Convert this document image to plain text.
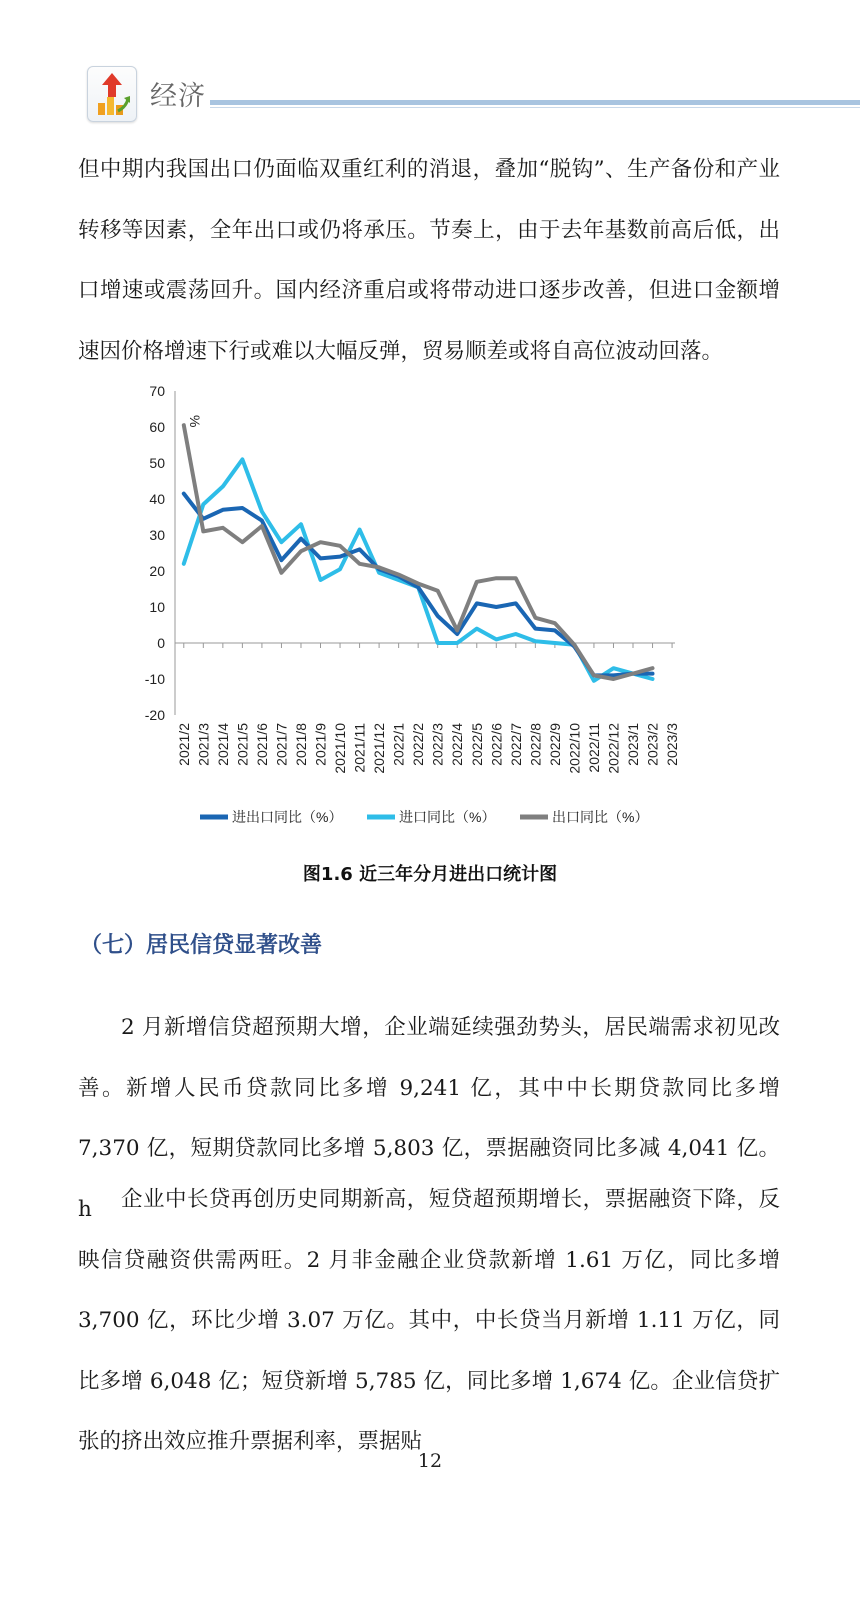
经济

但中期内我国出口仍面临双重红利的消退，叠加“脱钩”、生产备份和产业转移等因素，全年出口或仍将承压。节奏上，由于去年基数前高后低，出口增速或震荡回升。国内经济重启或将带动进口逐步改善，但进口金额增速因价格增速下行或难以大幅反弹，贸易顺差或将自高位波动回落。

70
60
50
40
30
20
10
0
-10
-20
2021/2 2021/3 2021/4 2021/5 2021/6 2021/7 2021/8 2021/9 2021/10 2021/11 2021/12 2022/1 2022/2 2022/3 2022/4 2022/5 2022/6 2022/7 2022/8 2022/9 2022/10 2022/11 2022/12 2023/1 2023/2 2023/3
%
进出口同比（%）	进口同比（%）	出口同比（%）
图1.6 近三年分月进出口统计图
（七）居民信贷显著改善

2 月新增信贷超预期大增，企业端延续强劲势头，居民端需求初见改善。新增人民币贷款同比多增 9,241 亿，其中中长期贷款同比多增 7,370 亿，短期贷款同比多增 5,803 亿，票据融资同比多减 4,041 亿。h	企业中长贷再创历史同期新高，短贷超预期增长，票据融资下降，反映信贷融资供需两旺。2 月非金融企业贷款新增 1.61 万亿，同比多增 3,700 亿，环比少增 3.07 万亿。其中，中长贷当月新增 1.11 万亿，同比多增 6,048 亿；短贷新增 5,785 亿，同比多增 1,674 亿。企业信贷扩张的挤出效应推升票据利率，票据贴

12
